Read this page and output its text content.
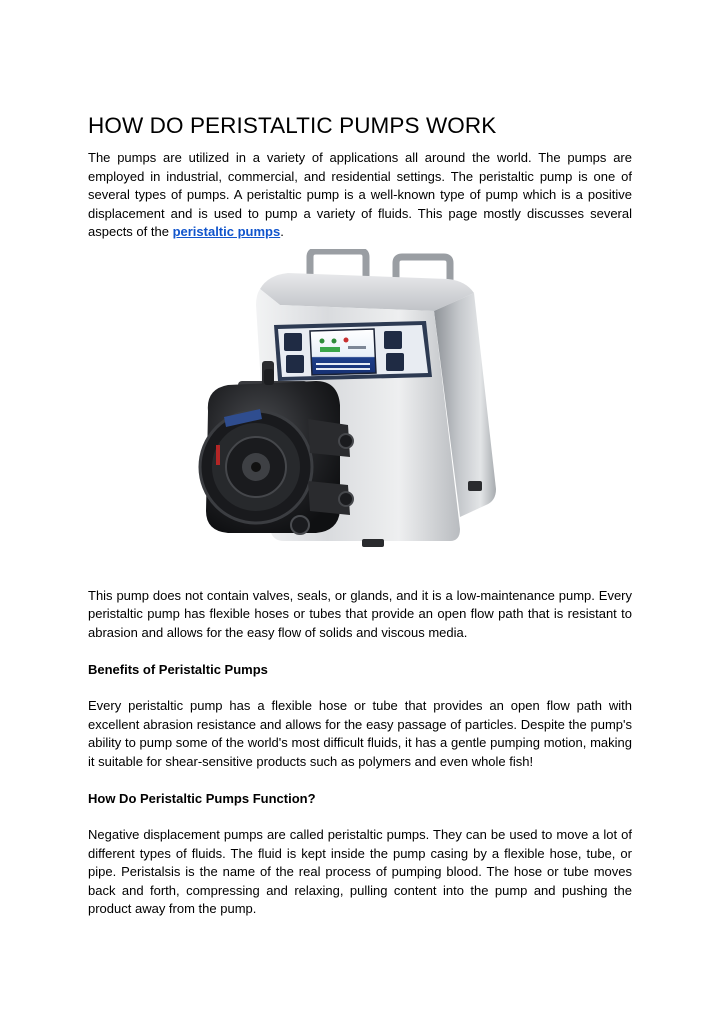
HOW DO PERISTALTIC PUMPS WORK

The pumps are utilized in a variety of applications all around the world. The pumps are employed in industrial, commercial, and residential settings. The peristaltic pump is one of several types of pumps. A peristaltic pump is a well-known type of pump which is a positive displacement and is used to pump a variety of fluids. This page mostly discusses several aspects of the peristaltic pumps.

This pump does not contain valves, seals, or glands, and it is a low-maintenance pump. Every peristaltic pump has flexible hoses or tubes that provide an open flow path that is resistant to abrasion and allows for the easy flow of solids and viscous media.

Benefits of Peristaltic Pumps

Every peristaltic pump has a flexible hose or tube that provides an open flow path with excellent abrasion resistance and allows for the easy passage of particles. Despite the pump's ability to pump some of the world's most difficult fluids, it has a gentle pumping motion, making it suitable for shear-sensitive products such as polymers and even whole fish!

How Do Peristaltic Pumps Function?

Negative displacement pumps are called peristaltic pumps. They can be used to move a lot of different types of fluids. The fluid is kept inside the pump casing by a flexible hose, tube, or pipe. Peristalsis is the name of the real process of pumping blood. The hose or tube moves back and forth, compressing and relaxing, pulling content into the pump and pushing the product away from the pump.
